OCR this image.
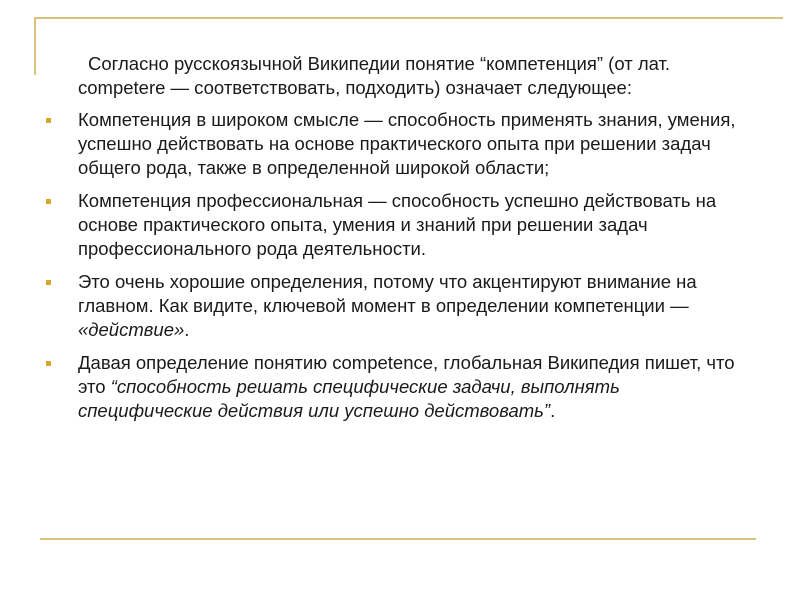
Согласно русскоязычной Википедии понятие “компетенция” (от лат. competere — соответствовать, подходить) означает следующее:

Компетенция в широком смысле — способность применять знания, умения, успешно действовать на основе практического опыта при решении задач общего рода, также в определенной широкой области;
Компетенция профессиональная — способность успешно действовать на основе практического опыта, умения и знаний при решении задач профессионального рода деятельности.
Это очень хорошие определения, потому что акцентируют внимание на главном. Как видите, ключевой момент в определении компетенции — «действие».
Давая определение понятию competence, глобальная Википедия пишет, что это “способность решать специфические задачи, выполнять специфические действия или успешно действовать”.
